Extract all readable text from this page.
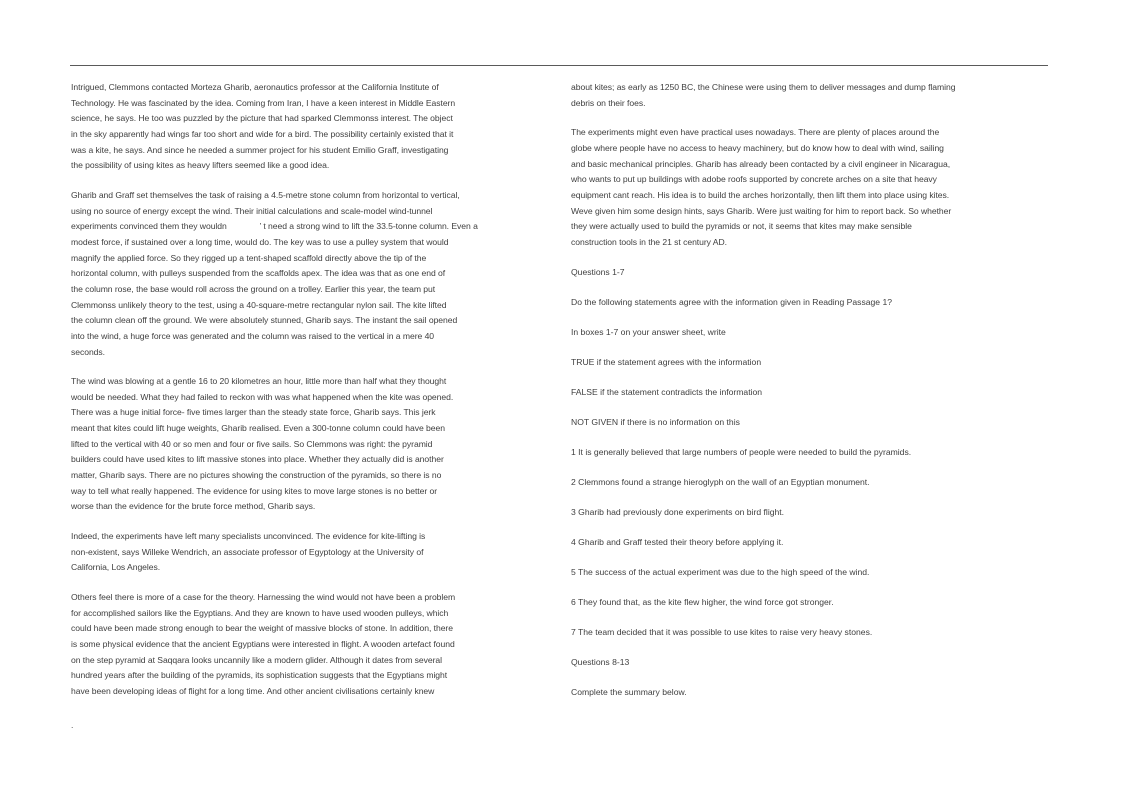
Intrigued, Clemmons contacted Morteza Gharib, aeronautics professor at the California Institute of
Technology. He was fascinated by the idea. Coming from Iran, I have a keen interest in Middle Eastern
science, he says. He too was puzzled by the picture that had sparked Clemmonss interest. The object
in the sky apparently had wings far too short and wide for a bird. The possibility certainly existed that it
was a kite, he says. And since he needed a summer project for his student Emilio Graff, investigating
the possibility of using kites as heavy lifters seemed like a good idea.
Gharib and Graff set themselves the task of raising a 4.5-metre stone column from horizontal to vertical,
using no source of energy except the wind. Their initial calculations and scale-model wind-tunnel
experiments convinced them they wouldn              ’ t need a strong wind to lift the 33.5-tonne column. Even a
modest force, if sustained over a long time, would do. The key was to use a pulley system that would
magnify the applied force. So they rigged up a tent-shaped scaffold directly above the tip of the
horizontal column, with pulleys suspended from the scaffolds apex. The idea was that as one end of
the column rose, the base would roll across the ground on a trolley. Earlier this year, the team put
Clemmonss unlikely theory to the test, using a 40-square-metre rectangular nylon sail. The kite lifted
the column clean off the ground. We were absolutely stunned, Gharib says. The instant the sail opened
into the wind, a huge force was generated and the column was raised to the vertical in a mere 40
seconds.
The wind was blowing at a gentle 16 to 20 kilometres an hour, little more than half what they thought
would be needed. What they had failed to reckon with was what happened when the kite was opened.
There was a huge initial force- five times larger than the steady state force, Gharib says. This jerk
meant that kites could lift huge weights, Gharib realised. Even a 300-tonne column could have been
lifted to the vertical with 40 or so men and four or five sails. So Clemmons was right: the pyramid
builders could have used kites to lift massive stones into place. Whether they actually did is another
matter, Gharib says. There are no pictures showing the construction of the pyramids, so there is no
way to tell what really happened. The evidence for using kites to move large stones is no better or
worse than the evidence for the brute force method, Gharib says.
Indeed, the experiments have left many specialists unconvinced. The evidence for kite-lifting is
non-existent, says Willeke Wendrich, an associate professor of Egyptology at the University of
California, Los Angeles.
Others feel there is more of a case for the theory. Harnessing the wind would not have been a problem
for accomplished sailors like the Egyptians. And they are known to have used wooden pulleys, which
could have been made strong enough to bear the weight of massive blocks of stone. In addition, there
is some physical evidence that the ancient Egyptians were interested in flight. A wooden artefact found
on the step pyramid at Saqqara looks uncannily like a modern glider. Although it dates from several
hundred years after the building of the pyramids, its sophistication suggests that the Egyptians might
have been developing ideas of flight for a long time. And other ancient civilisations certainly knew
.
about kites; as early as 1250 BC, the Chinese were using them to deliver messages and dump flaming
debris on their foes.
The experiments might even have practical uses nowadays. There are plenty of places around the
globe where people have no access to heavy machinery, but do know how to deal with wind, sailing
and basic mechanical principles. Gharib has already been contacted by a civil engineer in Nicaragua,
who wants to put up buildings with adobe roofs supported by concrete arches on a site that heavy
equipment cant reach. His idea is to build the arches horizontally, then lift them into place using kites.
Weve given him some design hints, says Gharib. Were just waiting for him to report back. So whether
they were actually used to build the pyramids or not, it seems that kites may make sensible
construction tools in the 21 st century AD.
Questions 1-7
Do the following statements agree with the information given in Reading Passage 1?
In boxes 1-7 on your answer sheet, write
TRUE if the statement agrees with the information
FALSE if the statement contradicts the information
NOT GIVEN if there is no information on this
1 It is generally believed that large numbers of people were needed to build the pyramids.
2 Clemmons found a strange hieroglyph on the wall of an Egyptian monument.
3 Gharib had previously done experiments on bird flight.
4 Gharib and Graff tested their theory before applying it.
5 The success of the actual experiment was due to the high speed of the wind.
6 They found that, as the kite flew higher, the wind force got stronger.
7 The team decided that it was possible to use kites to raise very heavy stones.
Questions 8-13
Complete the summary below.
